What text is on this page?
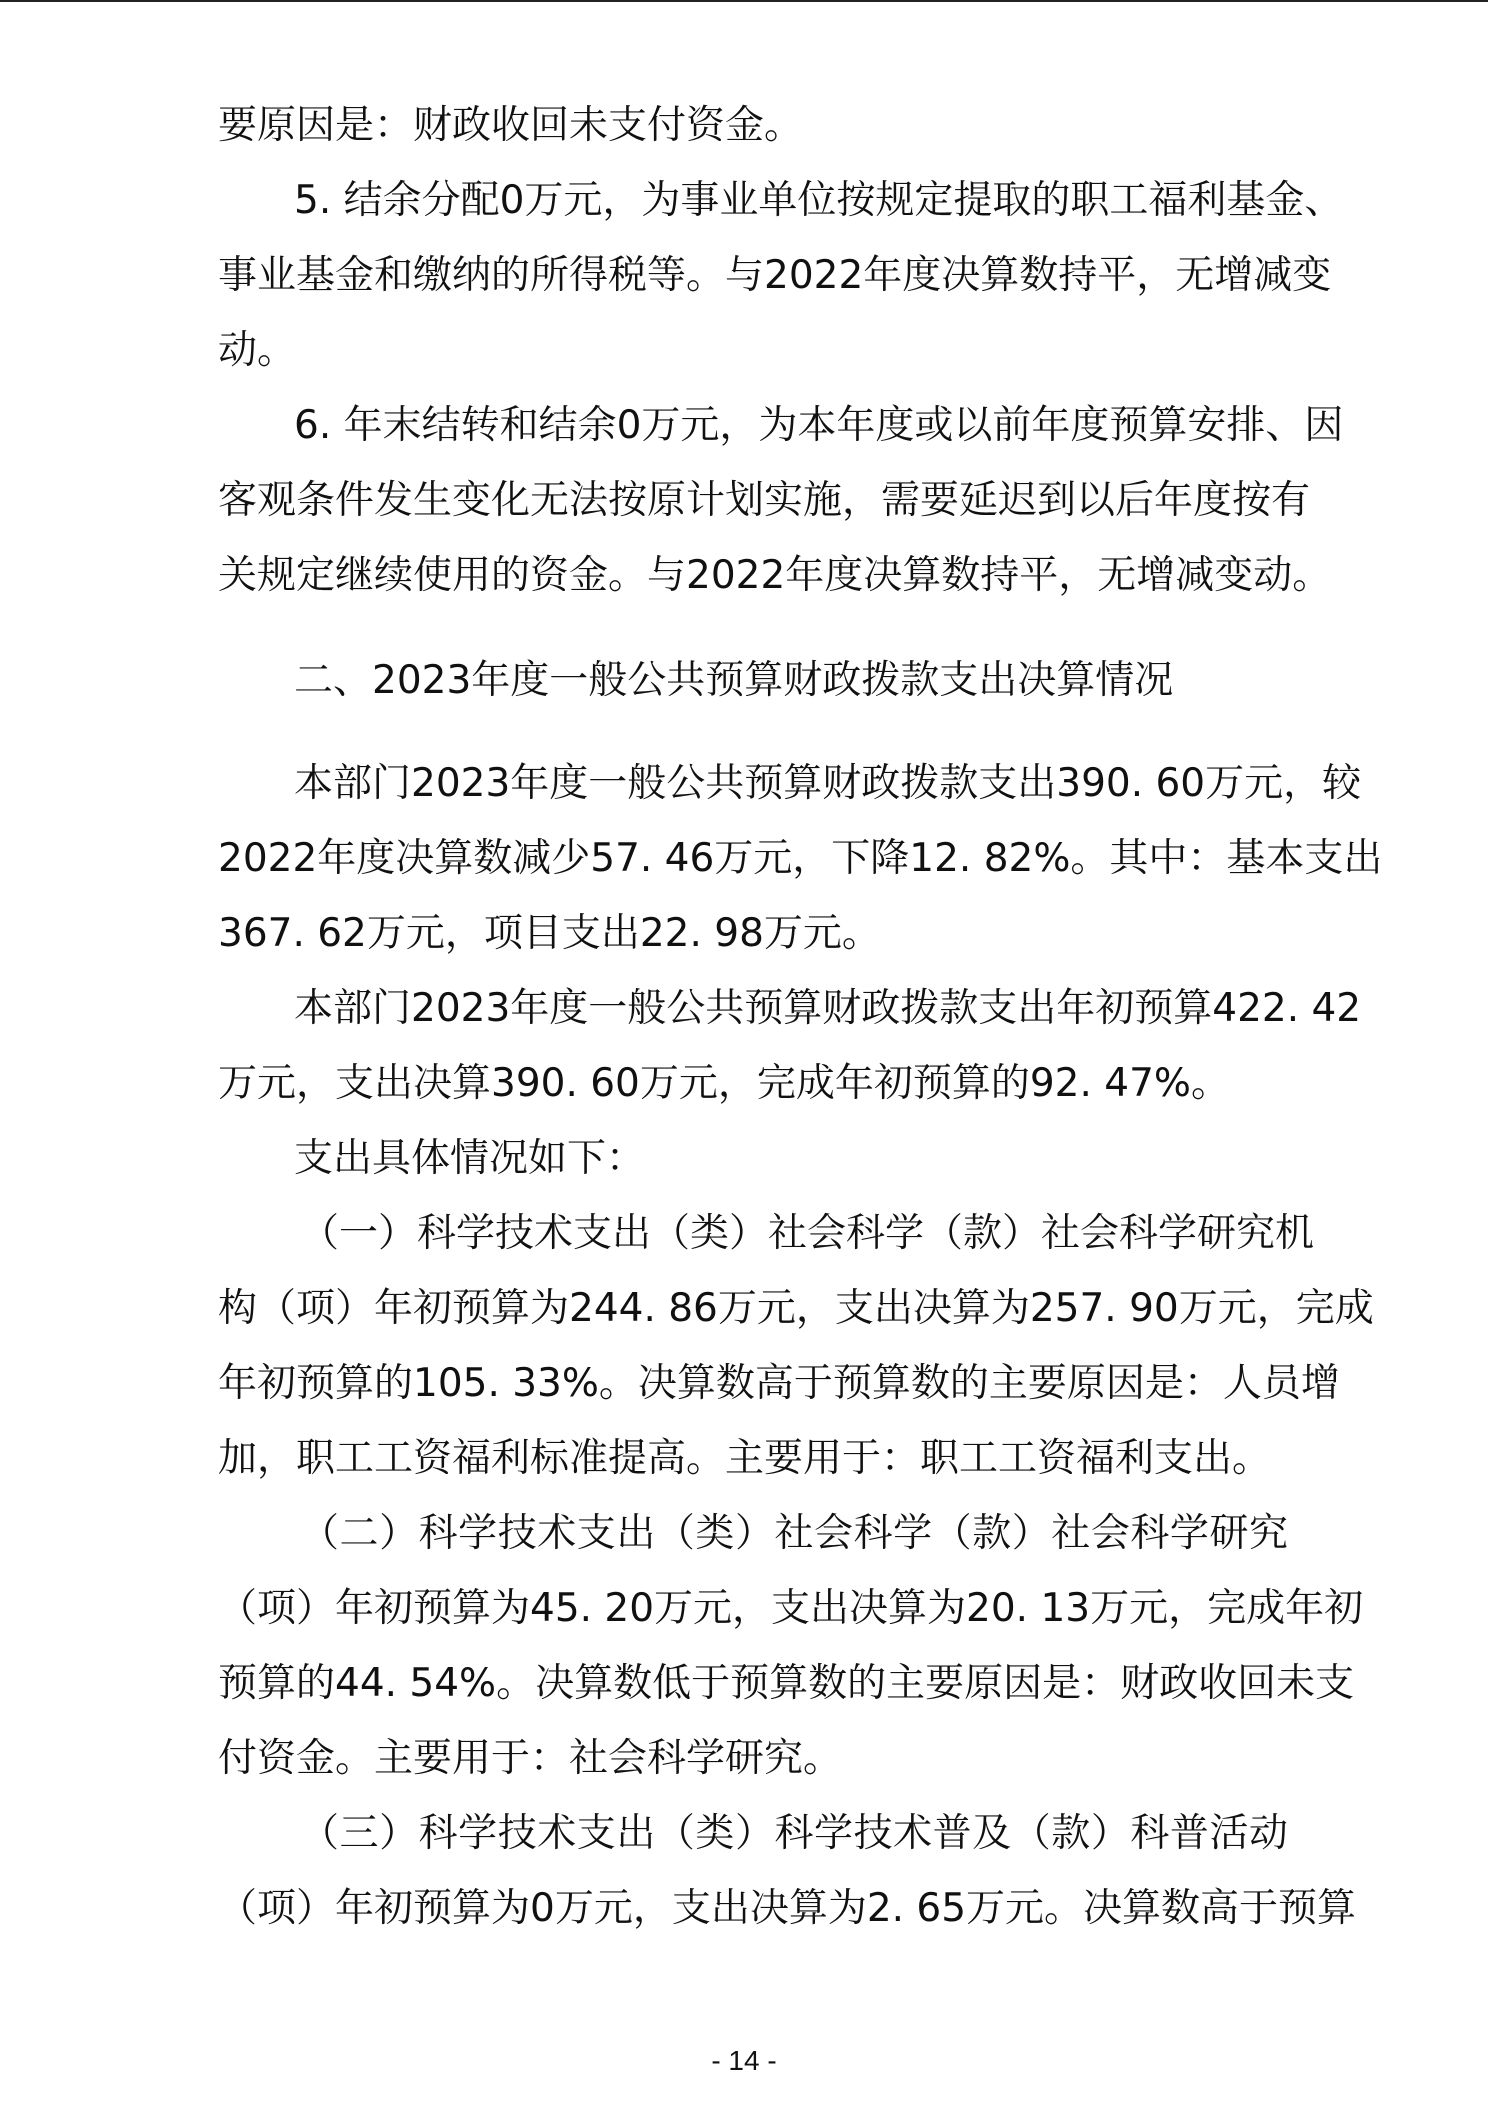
要原因是：财政收回未支付资金。
5. 结余分配0万元，为事业单位按规定提取的职工福利基金、
事业基金和缴纳的所得税等。与2022年度决算数持平，无增减变
动。
6. 年末结转和结余0万元，为本年度或以前年度预算安排、因
客观条件发生变化无法按原计划实施，需要延迟到以后年度按有
关规定继续使用的资金。与2022年度决算数持平，无增减变动。
二、2023年度一般公共预算财政拨款支出决算情况
本部门2023年度一般公共预算财政拨款支出390. 60万元，较
2022年度决算数减少57. 46万元，下降12. 82%。其中：基本支出
367. 62万元，项目支出22. 98万元。
本部门2023年度一般公共预算财政拨款支出年初预算422. 42
万元，支出决算390. 60万元，完成年初预算的92. 47%。
支出具体情况如下：
（一）科学技术支出（类）社会科学（款）社会科学研究机
构（项）年初预算为244. 86万元，支出决算为257. 90万元，完成
年初预算的105. 33%。决算数高于预算数的主要原因是：人员增
加，职工工资福利标准提高。主要用于：职工工资福利支出。
（二）科学技术支出（类）社会科学（款）社会科学研究
（项）年初预算为45. 20万元，支出决算为20. 13万元，完成年初
预算的44. 54%。决算数低于预算数的主要原因是：财政收回未支
付资金。主要用于：社会科学研究。
（三）科学技术支出（类）科学技术普及（款）科普活动
（项）年初预算为0万元，支出决算为2. 65万元。决算数高于预算
- 14 -
